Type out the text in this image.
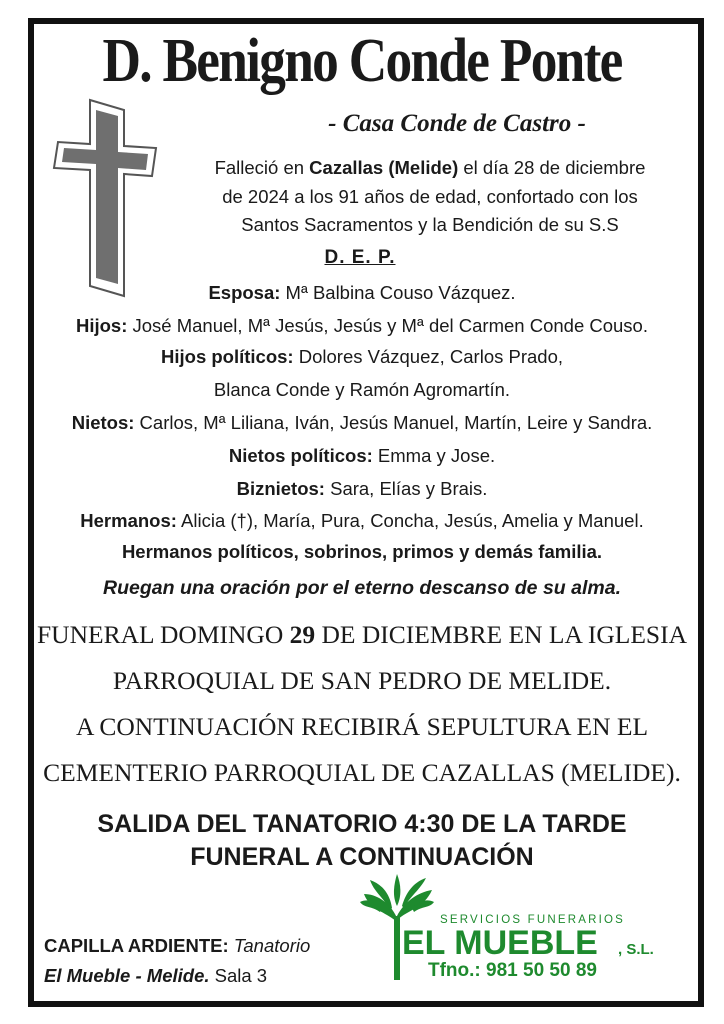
D. Benigno Conde Ponte
- Casa Conde de Castro -
Falleció en Cazallas (Melide) el día 28 de diciembre
de 2024 a los 91 años de edad, confortado con los
Santos Sacramentos y la Bendición de su S.S
D. E. P.
Esposa: Mª Balbina Couso Vázquez.
Hijos: José Manuel, Mª Jesús, Jesús y Mª del Carmen Conde Couso.
Hijos políticos: Dolores Vázquez, Carlos Prado,
Blanca Conde y Ramón Agromartín.
Nietos: Carlos, Mª Liliana, Iván, Jesús Manuel, Martín, Leire y Sandra.
Nietos políticos: Emma y Jose.
Biznietos: Sara, Elías y Brais.
Hermanos: Alicia (†), María, Pura, Concha, Jesús, Amelia y Manuel.
Hermanos políticos, sobrinos, primos y demás familia.
Ruegan una oración por el eterno descanso de su alma.
FUNERAL DOMINGO 29 DE DICIEMBRE EN LA IGLESIA
PARROQUIAL DE SAN PEDRO DE MELIDE.
A CONTINUACIÓN RECIBIRÁ SEPULTURA EN EL
CEMENTERIO PARROQUIAL DE CAZALLAS (MELIDE).
SALIDA DEL TANATORIO 4:30 DE LA TARDE
FUNERAL A CONTINUACIÓN
CAPILLA ARDIENTE: Tanatorio
El Mueble - Melide. Sala 3
SERVICIOS FUNERARIOS
EL MUEBLE , S.L.
Tfno.: 981 50 50 89
